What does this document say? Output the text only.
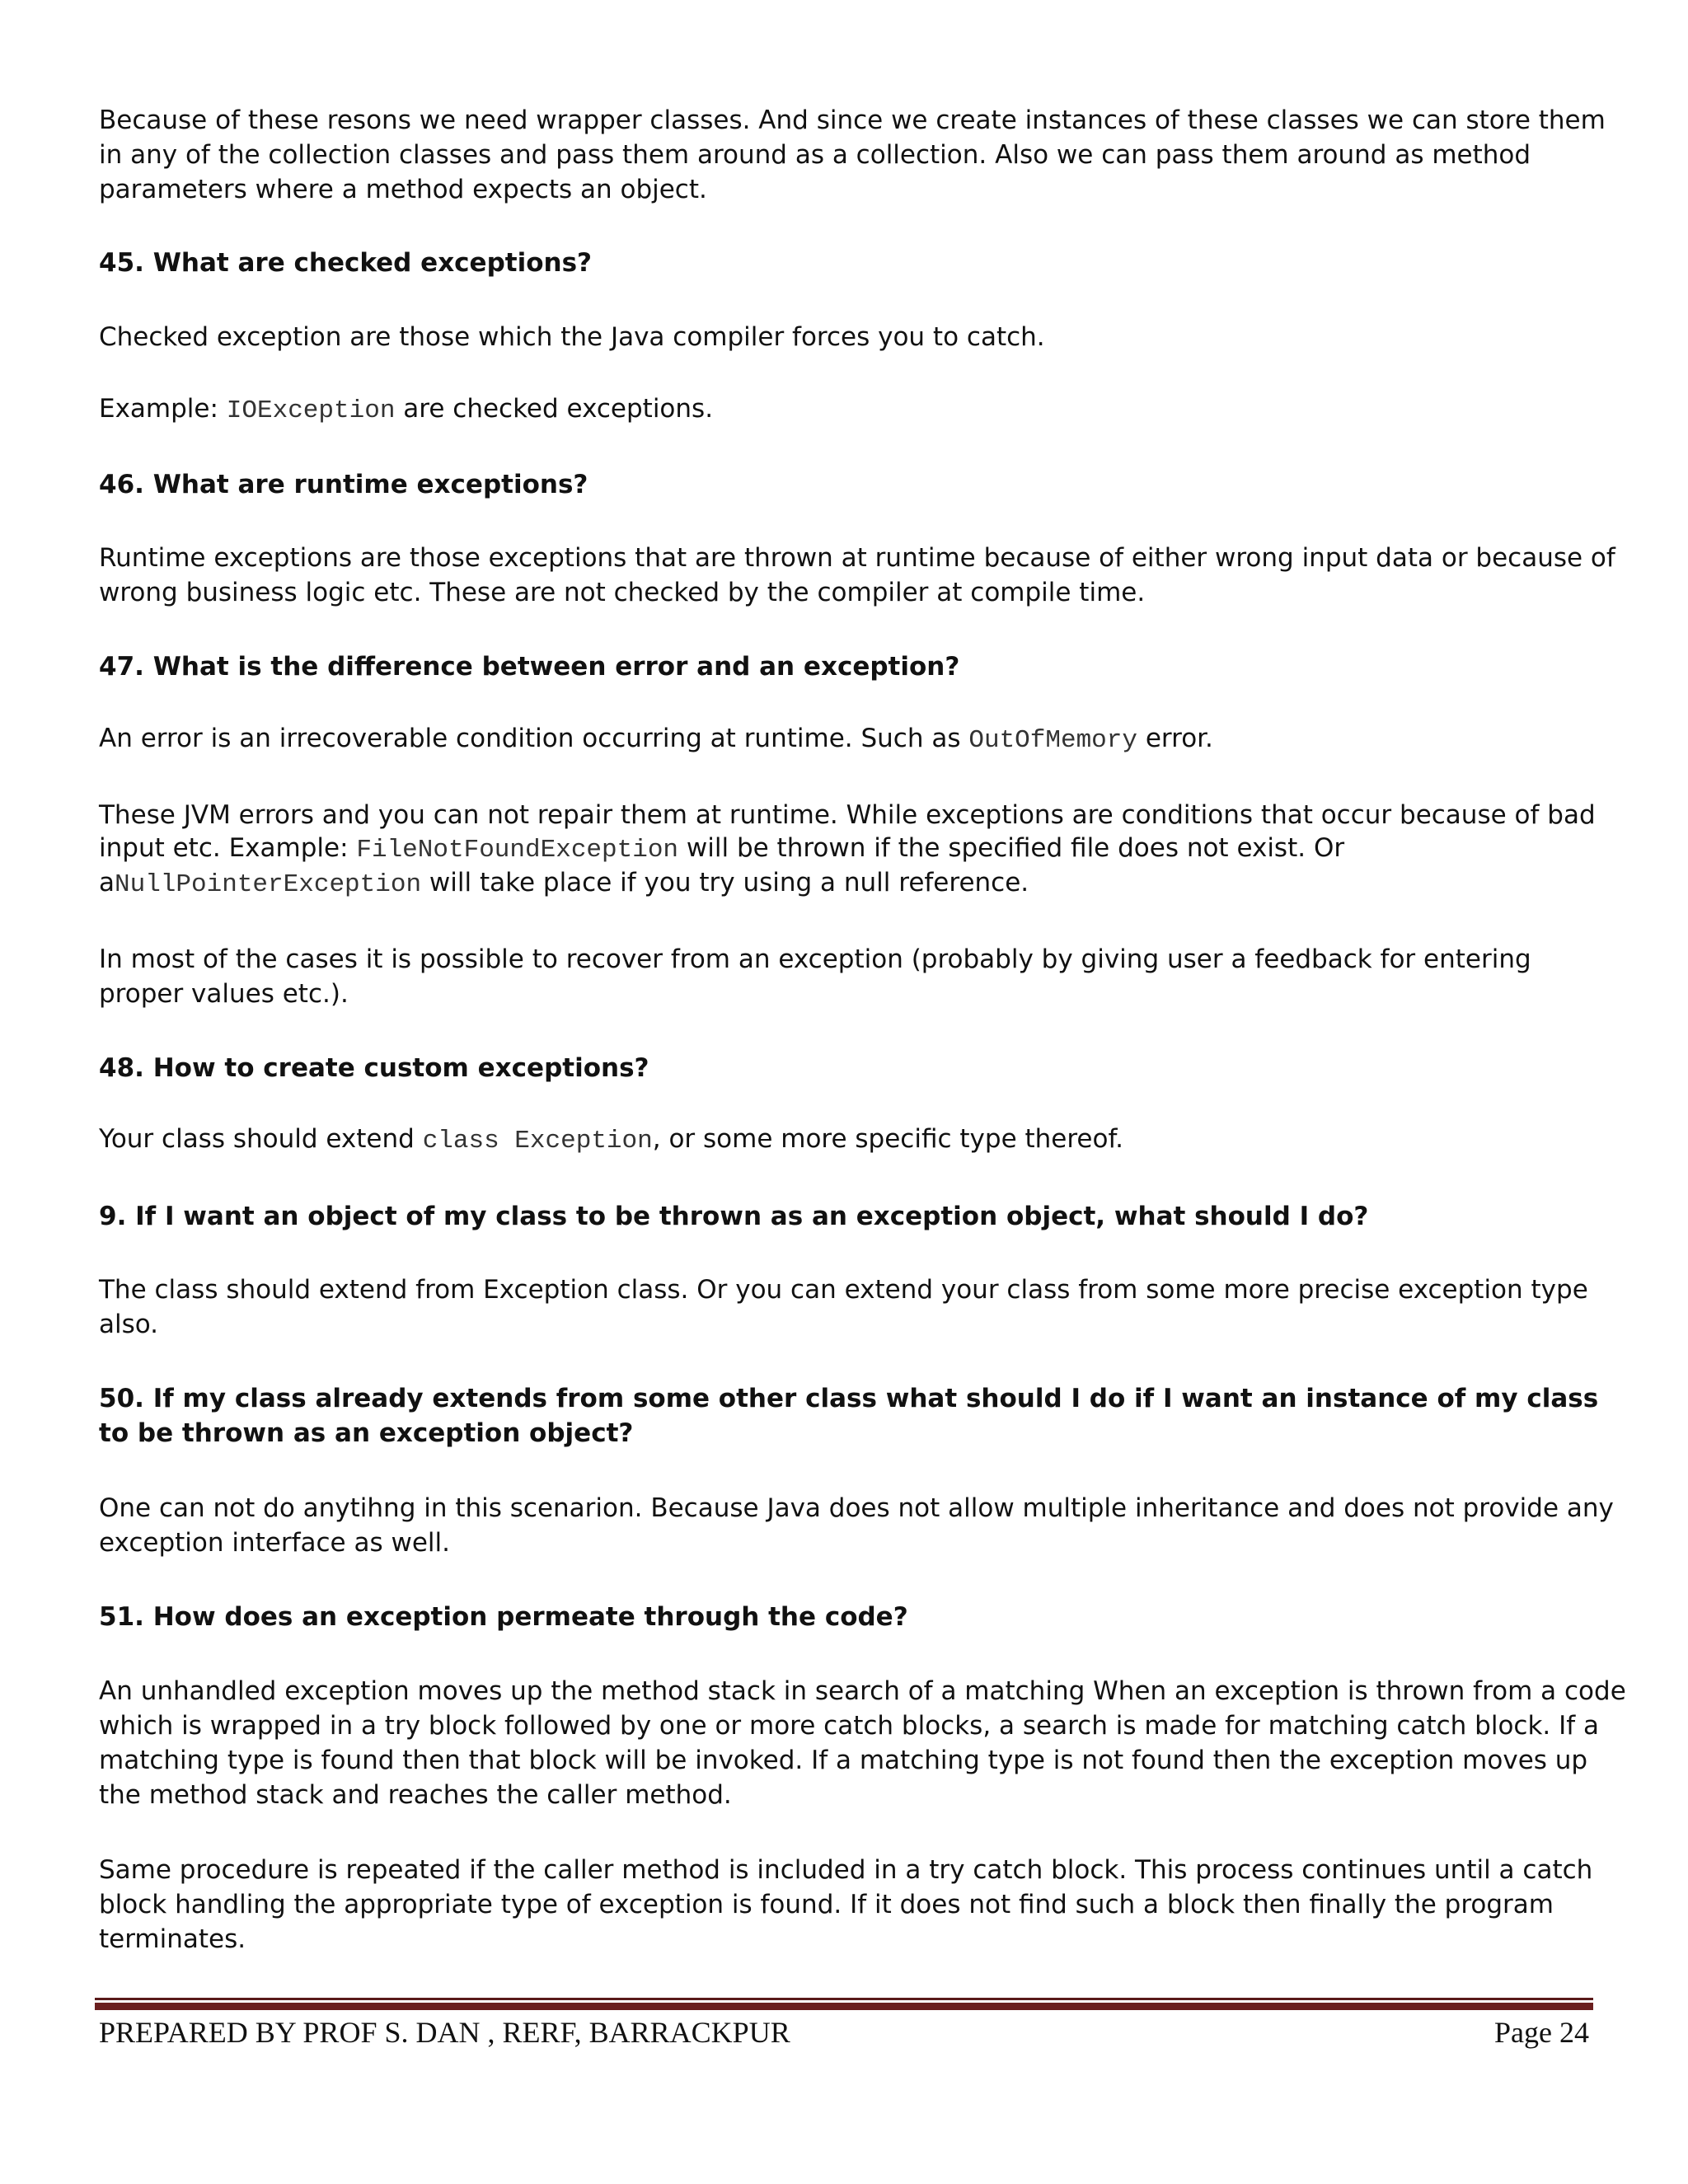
Because of these resons we need wrapper classes. And since we create instances of these classes we can store them
in any of the collection classes and pass them around as a collection. Also we can pass them around as method
parameters where a method expects an object.
45. What are checked exceptions?
Checked exception are those which the Java compiler forces you to catch.
Example: IOException are checked exceptions.
46. What are runtime exceptions?
Runtime exceptions are those exceptions that are thrown at runtime because of either wrong input data or because of
wrong business logic etc. These are not checked by the compiler at compile time.
47. What is the difference between error and an exception?
An error is an irrecoverable condition occurring at runtime. Such as OutOfMemory error.
These JVM errors and you can not repair them at runtime. While exceptions are conditions that occur because of bad
input etc. Example: FileNotFoundException will be thrown if the specified file does not exist. Or
aNullPointerException will take place if you try using a null reference.
In most of the cases it is possible to recover from an exception (probably by giving user a feedback for entering
proper values etc.).
48. How to create custom exceptions?
Your class should extend class Exception, or some more specific type thereof.
9. If I want an object of my class to be thrown as an exception object, what should I do?
The class should extend from Exception class. Or you can extend your class from some more precise exception type
also.
50. If my class already extends from some other class what should I do if I want an instance of my class
to be thrown as an exception object?
One can not do anytihng in this scenarion. Because Java does not allow multiple inheritance and does not provide any
exception interface as well.
51. How does an exception permeate through the code?
An unhandled exception moves up the method stack in search of a matching When an exception is thrown from a code
which is wrapped in a try block followed by one or more catch blocks, a search is made for matching catch block. If a
matching type is found then that block will be invoked. If a matching type is not found then the exception moves up
the method stack and reaches the caller method.
Same procedure is repeated if the caller method is included in a try catch block. This process continues until a catch
block handling the appropriate type of exception is found. If it does not find such a block then finally the program
terminates.
PREPARED BY PROF S. DAN , RERF, BARRACKPUR	Page 24
